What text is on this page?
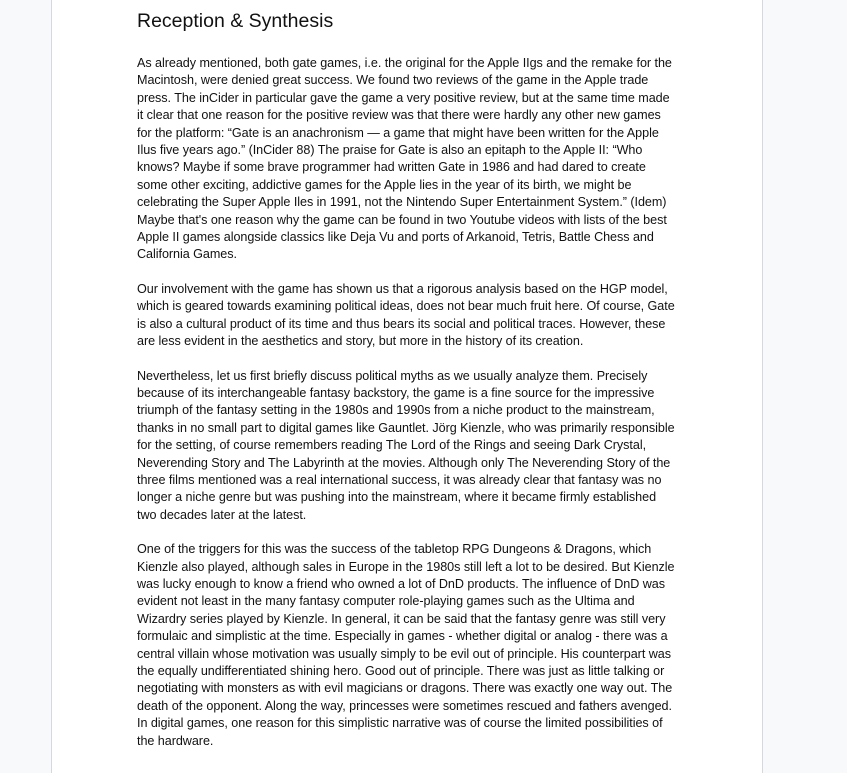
Reception & Synthesis

As already mentioned, both gate games, i.e. the original for the Apple IIgs and the remake for the Macintosh, were denied great success. We found two reviews of the game in the Apple trade press. The inCider in particular gave the game a very positive review, but at the same time made it clear that one reason for the positive review was that there were hardly any other new games for the platform: “Gate is an anachronism — a game that might have been written for the Apple Ilus five years ago.” (InCider 88) The praise for Gate is also an epitaph to the Apple II: “Who knows? Maybe if some brave programmer had written Gate in 1986 and had dared to create some other exciting, addictive games for the Apple lies in the year of its birth, we might be celebrating the Super Apple Iles in 1991, not the Nintendo Super Entertainment System.” (Idem) Maybe that's one reason why the game can be found in two Youtube videos with lists of the best Apple II games alongside classics like Deja Vu and ports of Arkanoid, Tetris, Battle Chess and California Games.

Our involvement with the game has shown us that a rigorous analysis based on the HGP model, which is geared towards examining political ideas, does not bear much fruit here. Of course, Gate is also a cultural product of its time and thus bears its social and political traces. However, these are less evident in the aesthetics and story, but more in the history of its creation.

Nevertheless, let us first briefly discuss political myths as we usually analyze them. Precisely because of its interchangeable fantasy backstory, the game is a fine source for the impressive triumph of the fantasy setting in the 1980s and 1990s from a niche product to the mainstream, thanks in no small part to digital games like Gauntlet. Jörg Kienzle, who was primarily responsible for the setting, of course remembers reading The Lord of the Rings and seeing Dark Crystal, Neverending Story and The Labyrinth at the movies. Although only The Neverending Story of the three films mentioned was a real international success, it was already clear that fantasy was no longer a niche genre but was pushing into the mainstream, where it became firmly established two decades later at the latest.

One of the triggers for this was the success of the tabletop RPG Dungeons & Dragons, which Kienzle also played, although sales in Europe in the 1980s still left a lot to be desired. But Kienzle was lucky enough to know a friend who owned a lot of DnD products. The influence of DnD was evident not least in the many fantasy computer role-playing games such as the Ultima and Wizardry series played by Kienzle. In general, it can be said that the fantasy genre was still very formulaic and simplistic at the time. Especially in games - whether digital or analog - there was a central villain whose motivation was usually simply to be evil out of principle. His counterpart was the equally undifferentiated shining hero. Good out of principle. There was just as little talking or negotiating with monsters as with evil magicians or dragons. There was exactly one way out. The death of the opponent. Along the way, princesses were sometimes rescued and fathers avenged. In digital games, one reason for this simplistic narrative was of course the limited possibilities of the hardware.
